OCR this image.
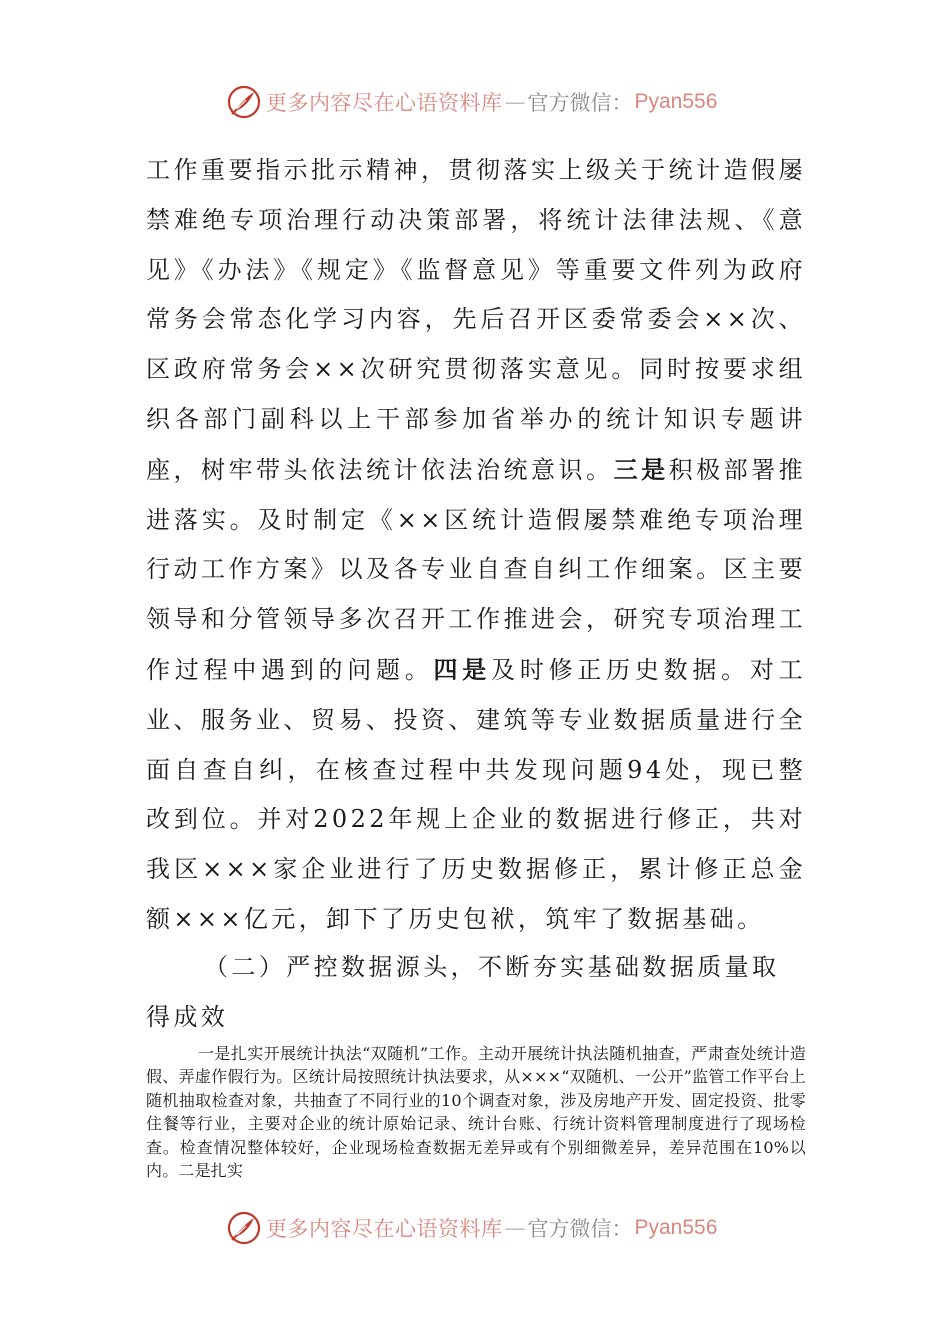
更多内容尽在心语资料库 — 官方微信： Pyan556

工作重要指示批示精神，贯彻落实上级关于统计造假屡禁难绝专项治理行动决策部署，将统计法律法规、《意见》《办法》《规定》《监督意见》等重要文件列为政府常务会常态化学习内容，先后召开区委常委会××次、区政府常务会××次研究贯彻落实意见。同时按要求组织各部门副科以上干部参加省举办的统计知识专题讲座，树牢带头依法统计依法治统意识。三是积极部署推进落实。及时制定《××区统计造假屡禁难绝专项治理行动工作方案》以及各专业自查自纠工作细案。区主要领导和分管领导多次召开工作推进会，研究专项治理工作过程中遇到的问题。四是及时修正历史数据。对工业、服务业、贸易、投资、建筑等专业数据质量进行全面自查自纠，在核查过程中共发现问题94处，现已整改到位。并对2022年规上企业的数据进行修正，共对我区×××家企业进行了历史数据修正，累计修正总金额×××亿元，卸下了历史包袱，筑牢了数据基础。

（二）严控数据源头，不断夯实基础数据质量取得成效
一是扎实开展统计执法“双随机”工作。主动开展统计执法随机抽查，严肃查处统计造假、弄虚作假行为。区统计局按照统计执法要求，从×××“双随机、一公开”监管工作平台上随机抽取检查对象，共抽查了不同行业的10个调查对象，涉及房地产开发、固定投资、批零住餐等行业，主要对企业的统计原始记录、统计台账、行统计资料管理制度进行了现场检查。检查情况整体较好，企业现场检查数据无差异或有个别细微差异，差异范围在10%以内。二是扎实
更多内容尽在心语资料库 — 官方微信： Pyan556
